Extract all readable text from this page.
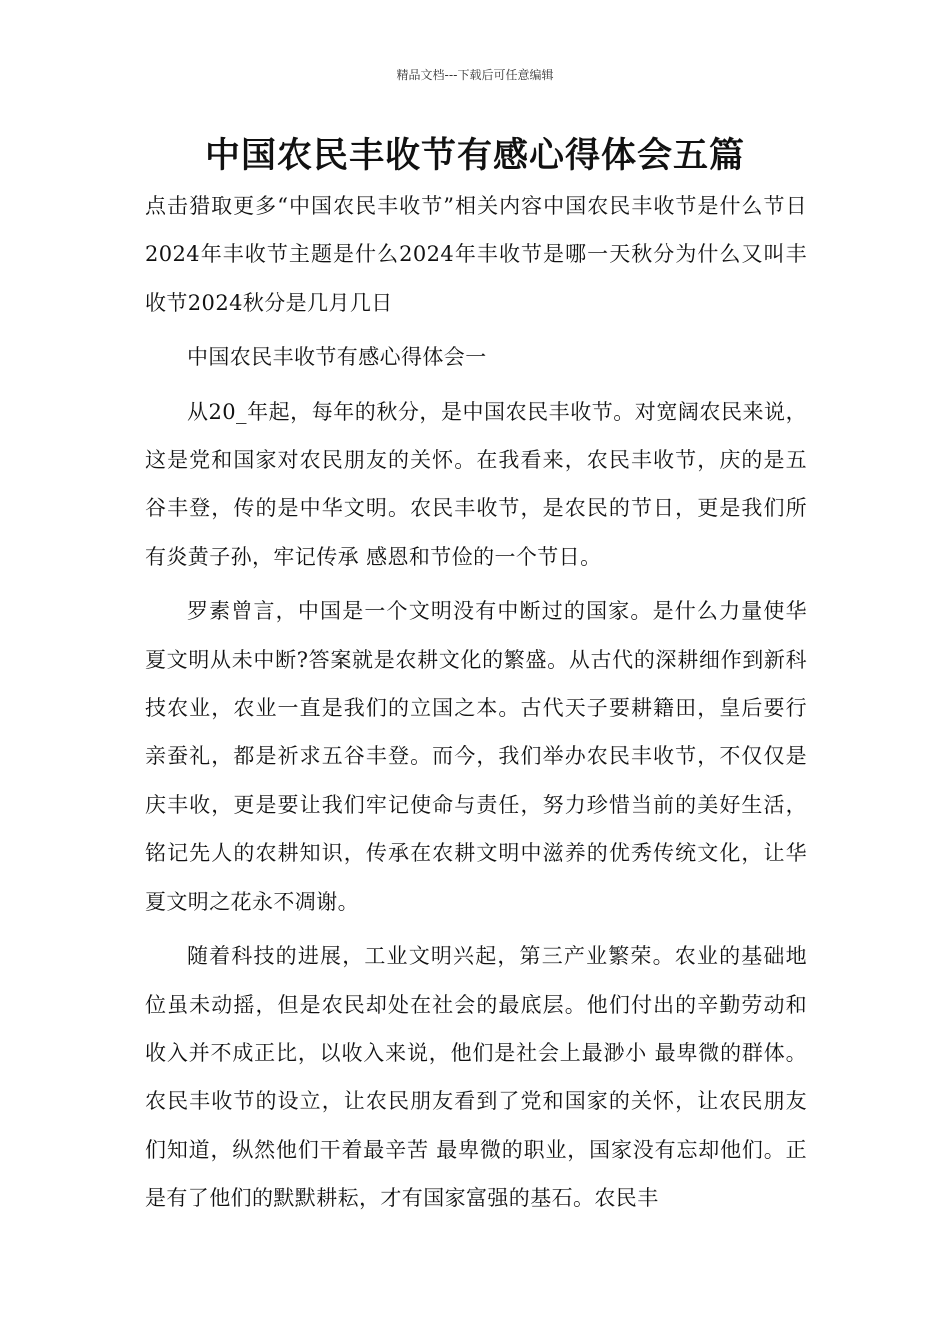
精品文档---下载后可任意编辑
中国农民丰收节有感心得体会五篇

点击猎取更多“中国农民丰收节”相关内容中国农民丰收节是什么节日2024年丰收节主题是什么2024年丰收节是哪一天秋分为什么又叫丰收节2024秋分是几月几日

中国农民丰收节有感心得体会一

从20_年起，每年的秋分，是中国农民丰收节。对宽阔农民来说，这是党和国家对农民朋友的关怀。在我看来，农民丰收节，庆的是五谷丰登，传的是中华文明。农民丰收节，是农民的节日，更是我们所有炎黄子孙，牢记传承 感恩和节俭的一个节日。

罗素曾言，中国是一个文明没有中断过的国家。是什么力量使华夏文明从未中断?答案就是农耕文化的繁盛。从古代的深耕细作到新科技农业，农业一直是我们的立国之本。古代天子要耕籍田，皇后要行亲蚕礼，都是祈求五谷丰登。而今，我们举办农民丰收节，不仅仅是庆丰收，更是要让我们牢记使命与责任，努力珍惜当前的美好生活，铭记先人的农耕知识，传承在农耕文明中滋养的优秀传统文化，让华夏文明之花永不凋谢。

随着科技的进展，工业文明兴起，第三产业繁荣。农业的基础地位虽未动摇，但是农民却处在社会的最底层。他们付出的辛勤劳动和收入并不成正比，以收入来说，他们是社会上最渺小 最卑微的群体。农民丰收节的设立，让农民朋友看到了党和国家的关怀，让农民朋友们知道，纵然他们干着最辛苦 最卑微的职业，国家没有忘却他们。正是有了他们的默默耕耘，才有国家富强的基石。农民丰
